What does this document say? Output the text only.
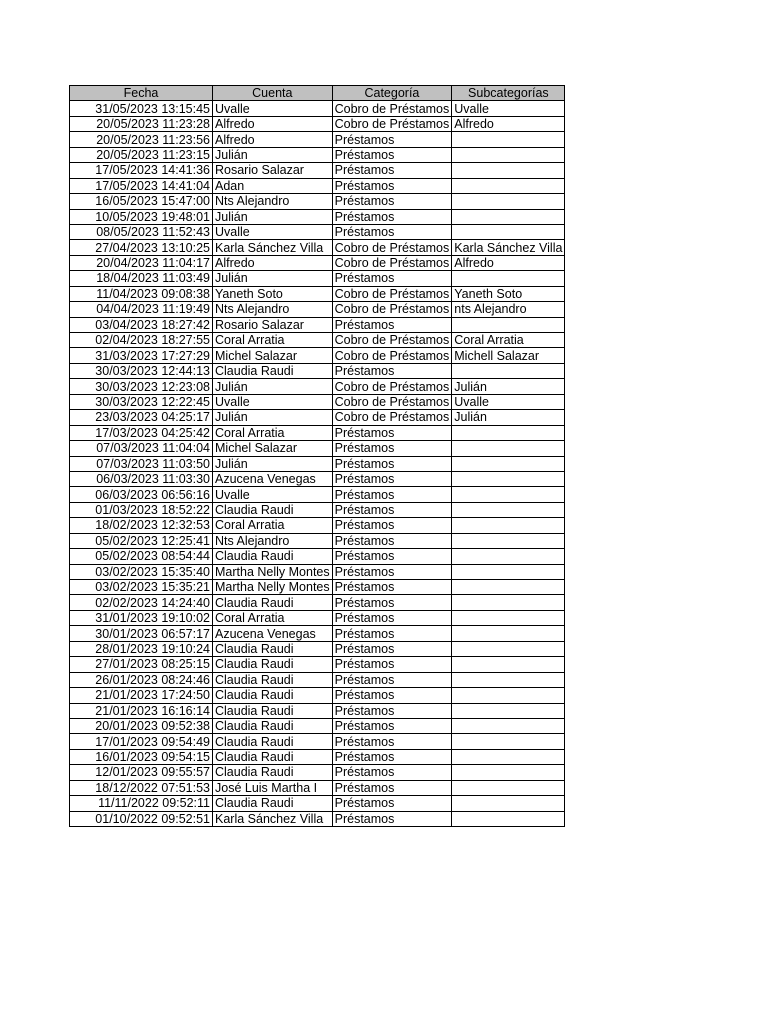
Fecha	Cuenta	Categoría	Subcategorías
31/05/2023 13:15:45	Uvalle	Cobro de Préstamos	Uvalle
20/05/2023 11:23:28	Alfredo	Cobro de Préstamos	Alfredo
20/05/2023 11:23:56	Alfredo	Préstamos	
20/05/2023 11:23:15	Julián	Préstamos	
17/05/2023 14:41:36	Rosario Salazar	Préstamos	
17/05/2023 14:41:04	Adan	Préstamos	
16/05/2023 15:47:00	Nts Alejandro	Préstamos	
10/05/2023 19:48:01	Julián	Préstamos	
08/05/2023 11:52:43	Uvalle	Préstamos	
27/04/2023 13:10:25	Karla Sánchez Villa	Cobro de Préstamos	Karla Sánchez Villa
20/04/2023 11:04:17	Alfredo	Cobro de Préstamos	Alfredo
18/04/2023 11:03:49	Julián	Préstamos	
11/04/2023 09:08:38	Yaneth Soto	Cobro de Préstamos	Yaneth Soto
04/04/2023 11:19:49	Nts Alejandro	Cobro de Préstamos	nts Alejandro
03/04/2023 18:27:42	Rosario Salazar	Préstamos	
02/04/2023 18:27:55	Coral Arratia	Cobro de Préstamos	Coral Arratia
31/03/2023 17:27:29	Michel Salazar	Cobro de Préstamos	Michell Salazar
30/03/2023 12:44:13	Claudia Raudi	Préstamos	
30/03/2023 12:23:08	Julián	Cobro de Préstamos	Julián
30/03/2023 12:22:45	Uvalle	Cobro de Préstamos	Uvalle
23/03/2023 04:25:17	Julián	Cobro de Préstamos	Julián
17/03/2023 04:25:42	Coral Arratia	Préstamos	
07/03/2023 11:04:04	Michel Salazar	Préstamos	
07/03/2023 11:03:50	Julián	Préstamos	
06/03/2023 11:03:30	Azucena Venegas	Préstamos	
06/03/2023 06:56:16	Uvalle	Préstamos	
01/03/2023 18:52:22	Claudia Raudi	Préstamos	
18/02/2023 12:32:53	Coral Arratia	Préstamos	
05/02/2023 12:25:41	Nts Alejandro	Préstamos	
05/02/2023 08:54:44	Claudia Raudi	Préstamos	
03/02/2023 15:35:40	Martha Nelly Montes	Préstamos	
03/02/2023 15:35:21	Martha Nelly Montes	Préstamos	
02/02/2023 14:24:40	Claudia Raudi	Préstamos	
31/01/2023 19:10:02	Coral Arratia	Préstamos	
30/01/2023 06:57:17	Azucena Venegas	Préstamos	
28/01/2023 19:10:24	Claudia Raudi	Préstamos	
27/01/2023 08:25:15	Claudia Raudi	Préstamos	
26/01/2023 08:24:46	Claudia Raudi	Préstamos	
21/01/2023 17:24:50	Claudia Raudi	Préstamos	
21/01/2023 16:16:14	Claudia Raudi	Préstamos	
20/01/2023 09:52:38	Claudia Raudi	Préstamos	
17/01/2023 09:54:49	Claudia Raudi	Préstamos	
16/01/2023 09:54:15	Claudia Raudi	Préstamos	
12/01/2023 09:55:57	Claudia Raudi	Préstamos	
18/12/2022 07:51:53	José Luis Martha I	Préstamos	
11/11/2022 09:52:11	Claudia Raudi	Préstamos	
01/10/2022 09:52:51	Karla Sánchez Villa	Préstamos	
